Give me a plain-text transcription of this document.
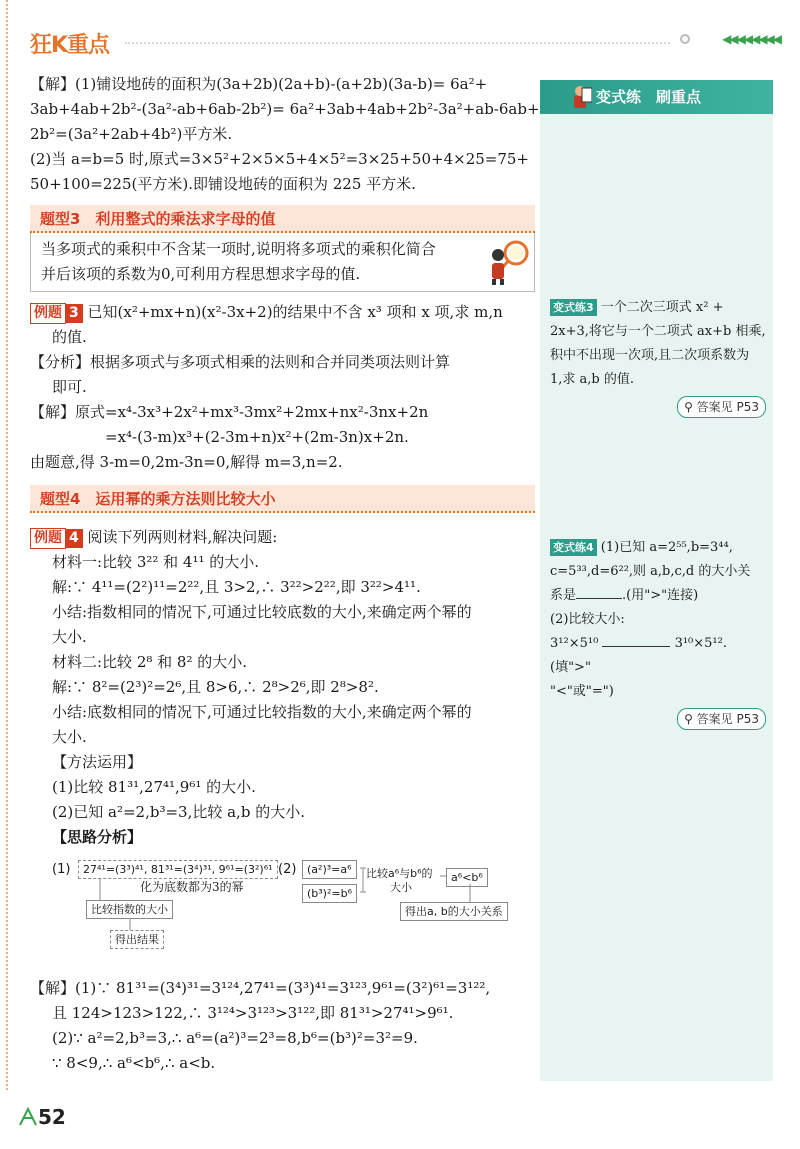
狂K重点	◀◀◀◀◀◀◀◀
【解】(1)铺设地砖的面积为(3a+2b)(2a+b)-(a+2b)(3a-b)= 6a²+
3ab+4ab+2b²-(3a²-ab+6ab-2b²)= 6a²+3ab+4ab+2b²-3a²+ab-6ab+
2b²=(3a²+2ab+4b²)平方米.
(2)当 a=b=5 时,原式=3×5²+2×5×5+4×5²=3×25+50+4×25=75+
50+100=225(平方米).即铺设地砖的面积为 225 平方米.
题型3　利用整式的乘法求字母的值
当多项式的乘积中不含某一项时,说明将多项式的乘积化简合
并后该项的系数为0,可利用方程思想求字母的值.
例题 3 已知(x²+mx+n)(x²-3x+2)的结果中不含 x³ 项和 x 项,求 m,n
的值.
【分析】根据多项式与多项式相乘的法则和合并同类项法则计算
即可.
【解】原式=x⁴-3x³+2x²+mx³-3mx²+2mx+nx²-3nx+2n
=x⁴-(3-m)x³+(2-3m+n)x²+(2m-3n)x+2n.
由题意,得 3-m=0,2m-3n=0,解得 m=3,n=2.
题型4　运用幂的乘方法则比较大小
例题 4 阅读下列两则材料,解决问题:
材料一:比较 3²² 和 4¹¹ 的大小.
解:∵ 4¹¹=(2²)¹¹=2²²,且 3>2,∴ 3²²>2²²,即 3²²>4¹¹.
小结:指数相同的情况下,可通过比较底数的大小,来确定两个幂的
大小.
材料二:比较 2⁸ 和 8² 的大小.
解:∵ 8²=(2³)²=2⁶,且 8>6,∴ 2⁸>2⁶,即 2⁸>8².
小结:底数相同的情况下,可通过比较指数的大小,来确定两个幂的
大小.
【方法运用】
(1)比较 81³¹,27⁴¹,9⁶¹ 的大小.
(2)已知 a²=2,b³=3,比较 a,b 的大小.
【思路分析】
(1)	27⁴¹=(3³)⁴¹, 81³¹=(3⁴)³¹, 9⁶¹=(3²)⁶¹
化为底数都为3的幂
比较指数的大小
得出结果
(2) (a²)³=a⁶
(b³)²=b⁶
比较a⁶与b⁶的
大小
a⁶<b⁶
得出a, b的大小关系
【解】(1)∵ 81³¹=(3⁴)³¹=3¹²⁴,27⁴¹=(3³)⁴¹=3¹²³,9⁶¹=(3²)⁶¹=3¹²²,
且 124>123>122,∴ 3¹²⁴>3¹²³>3¹²²,即 81³¹>27⁴¹>9⁶¹.
(2)∵ a²=2,b³=3,∴ a⁶=(a²)³=2³=8,b⁶=(b³)²=3²=9.
∵ 8<9,∴ a⁶<b⁶,∴ a<b.
变式练　刷重点
变式练3 一个二次三项式 x² +
2x+3,将它与一个二项式 ax+b 相乘,
积中不出现一次项,且二次项系数为
1,求 a,b 的值.
⚲ 答案见 P53
变式练4 (1)已知 a=2⁵⁵,b=3⁴⁴,
c=5³³,d=6²²,则 a,b,c,d 的大小关
系是	.(用">"连接)
(2)比较大小:
3¹²×5¹⁰	3¹⁰×5¹².(填">"
"<"或"=")
⚲ 答案见 P53
52
